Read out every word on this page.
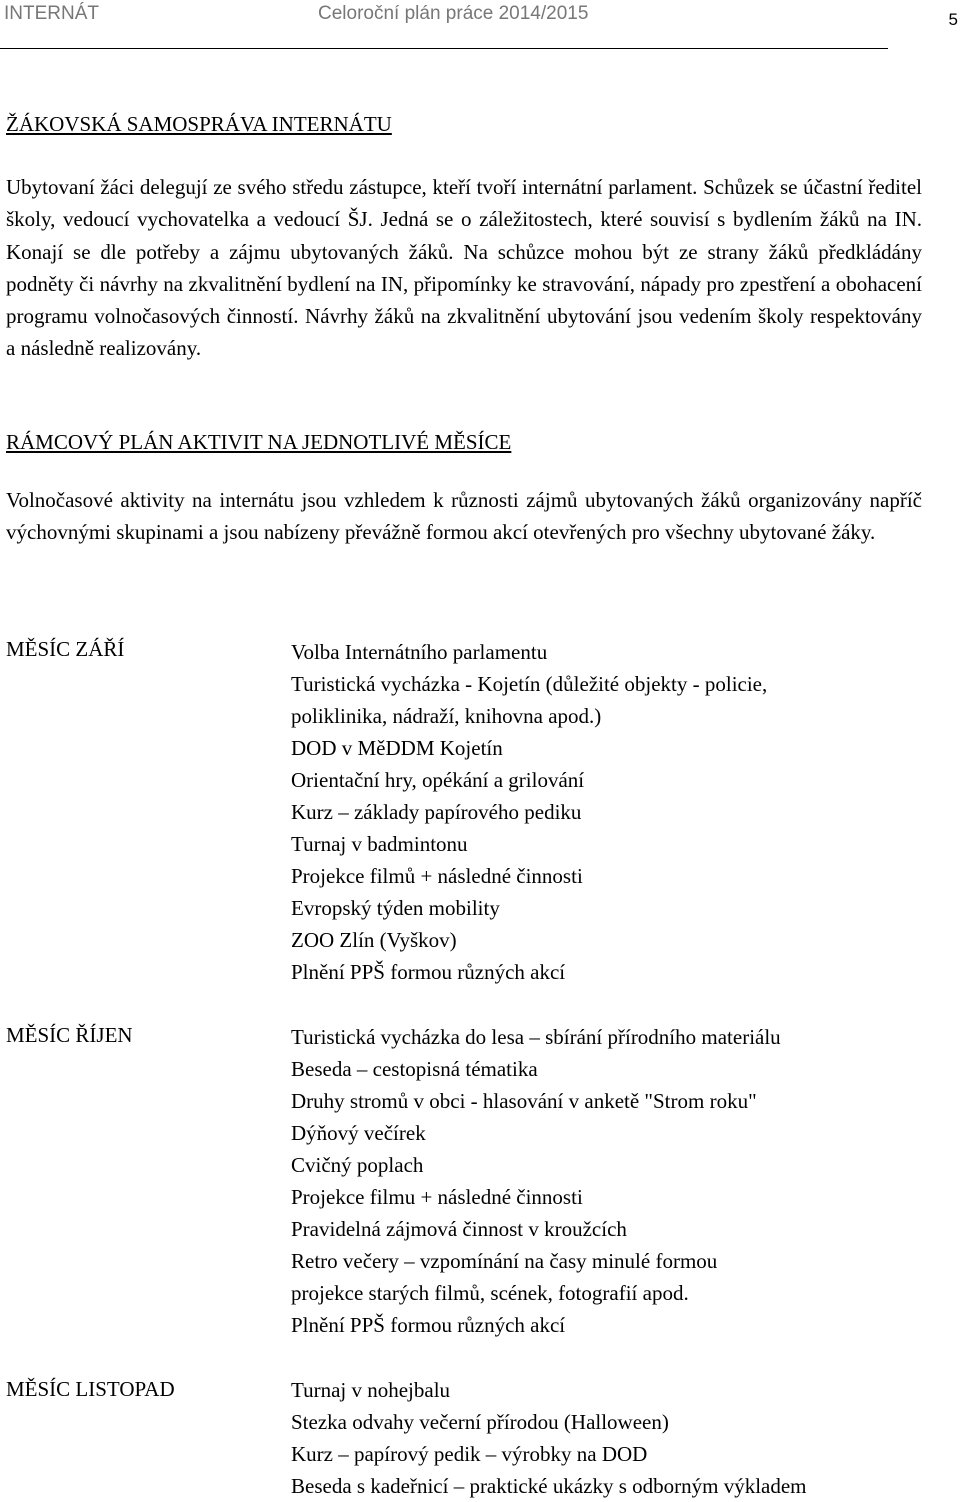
INTERNÁT	Celoroční plán práce 2014/2015	5
ŽÁKOVSKÁ SAMOSPRÁVA INTERNÁTU

Ubytovaní žáci delegují ze svého středu zástupce, kteří tvoří internátní parlament. Schůzek se účastní ředitel školy, vedoucí vychovatelka a vedoucí ŠJ. Jedná se o záležitostech, které souvisí s bydlením žáků na IN. Konají se dle potřeby a zájmu ubytovaných žáků. Na schůzce mohou být ze strany žáků předkládány podněty či návrhy na zkvalitnění bydlení na IN, připomínky ke stravování, nápady pro zpestření a obohacení programu volnočasových činností. Návrhy žáků na zkvalitnění ubytování jsou vedením školy respektovány a následně realizovány.

RÁMCOVÝ PLÁN AKTIVIT NA JEDNOTLIVÉ MĚSÍCE

Volnočasové aktivity na internátu jsou vzhledem k různosti zájmů ubytovaných žáků organizovány napříč výchovnými skupinami a jsou nabízeny převážně formou akcí otevřených pro všechny ubytované žáky.

MĚSÍC ZÁŘÍ	Volba Internátního parlamentu
Turistická vycházka - Kojetín (důležité objekty - policie,
poliklinika, nádraží, knihovna apod.)
DOD v MěDDM Kojetín
Orientační hry, opékání a grilování
Kurz – základy papírového pediku
Turnaj v badmintonu
Projekce filmů + následné činnosti
Evropský týden mobility
ZOO Zlín (Vyškov)
Plnění PPŠ formou různých akcí
MĚSÍC ŘÍJEN	Turistická vycházka do lesa – sbírání přírodního materiálu
Beseda – cestopisná tématika
Druhy stromů v obci - hlasování v anketě "Strom roku"
Dýňový večírek
Cvičný poplach
Projekce filmu + následné činnosti
Pravidelná zájmová činnost v kroužcích
Retro večery – vzpomínání na časy minulé formou
projekce starých filmů, scének, fotografií apod.
Plnění PPŠ formou různých akcí
MĚSÍC LISTOPAD	Turnaj v nohejbalu
Stezka odvahy večerní přírodou (Halloween)
Kurz – papírový pedik – výrobky na DOD
Beseda s kadeřnicí – praktické ukázky s odborným výkladem
